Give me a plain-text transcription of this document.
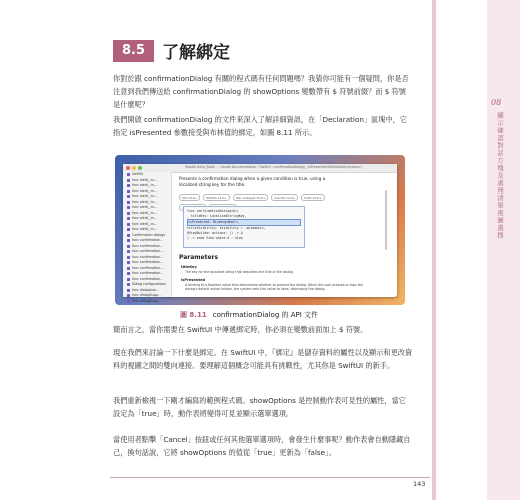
08
顯示確認對話方塊及處理清單視圖選擇
8.5	了解綁定

你對於跟 confirmationDialog 有關的程式碼有任何問題嗎？我猜你可能有一個疑問，你是否注意到我們傳送給 confirmationDialog 的 showOptions 變數帶有 $ 符號前綴？而 $ 符號是什麼呢？

我們開啟 confirmationDialog 的文件來深入了解詳細資訊，在「Declaration」區塊中，它指定 isPresented 參數接受與布林值的綁定，如圖 8.11 所示。

Mapkit-Hello_Swift... › Xcode Documentation › SwiftUI › confirmationDialog(_:isPresented:titleVisibility:actions:)
SwiftUI
func alert(_:is...
func alert(_:is...
func alert(_:is...
func alert(_:is...
func alert(_:is...
func alert(_:is...
func alert(_:is...
func alert(_:is...
func alert(_:is...
func alert(_:is...
Confirmation dialogs
func confirmation...
func confirmation...
func confirmation...
func confirmation...
func confirmation...
func confirmation...
func confirmation...
func confirmation...
Dialog configurations
func dialogIcon...
func dialogSupp...
func dialogSupp...
Presents a confirmation dialog when a given condition is true, using a localized string key for the title.
iOS 15.0+	iPadOS 15.0+	Mac Catalyst 15.0+	macOS 12.0+	tvOS 15.0+
func confirmationDialog<A>(
_ titleKey: LocalizedStringKey,
isPresented: Binding<Bool>,
titleVisibility: Visibility = .automatic,
@ViewBuilder actions: () -> A
) -> some View where A : View
Parameters
titleKey
The key for the localized string that describes the title of the dialog.
isPresented
A binding to a Boolean value that determines whether to present the dialog. When the user presses or taps the dialog's default action button, the system sets this value to false, dismissing the dialog.
圖 8.11 confirmationDialog 的 API 文件

簡而言之，當你需要在 SwiftUI 中傳遞綁定時，你必須在變數前面加上 $ 符號。

現在我們來討論一下什麼是綁定。在 SwiftUI 中，『綁定』是儲存資料的屬性以及顯示和更改資料的視圖之間的雙向連接。要理解這個概念可能具有挑戰性，尤其你是 SwiftUI 的新手。

我們重新檢視一下剛才編寫的範例程式碼。showOptions 是控制動作表可見性的屬性，當它設定為「true」時，動作表將變得可見並顯示選單選項。

當使用者點擊「Cancel」按鈕或任何其他選單選項時，會發生什麼事呢？動作表會自動隱藏自己，換句話說，它將 showOptions 的值從「true」更新為「false」。

143
